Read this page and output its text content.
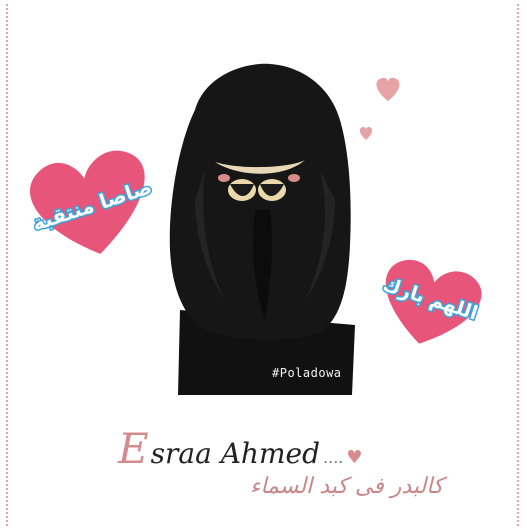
صاصا منتقبة
اللهم بارك
#Poladowa
E sraa Ahmed .... ♥
كالبدر فى كبد السماء
